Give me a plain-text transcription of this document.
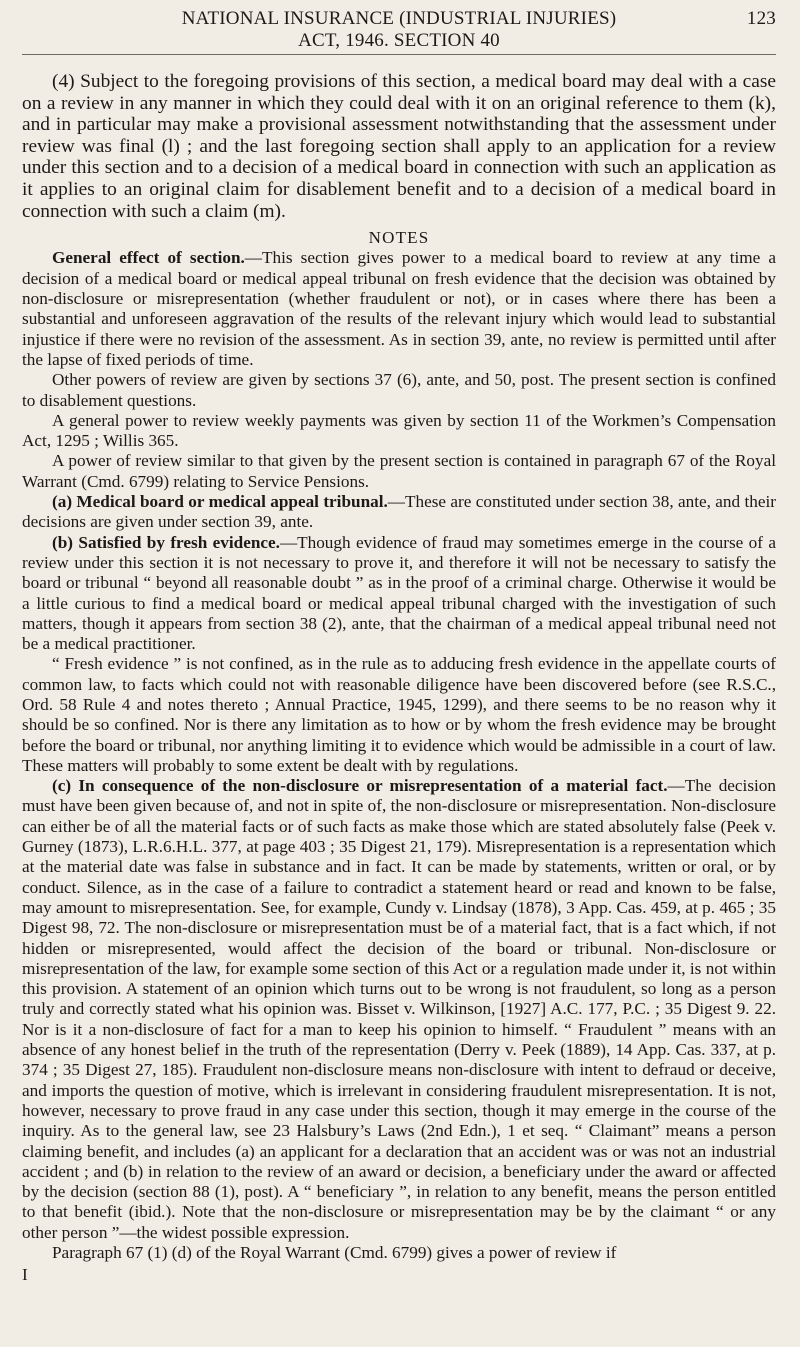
NATIONAL INSURANCE (INDUSTRIAL INJURIES)
ACT, 1946. SECTION 40
123

(4) Subject to the foregoing provisions of this section, a medical board may deal with a case on a review in any manner in which they could deal with it on an original reference to them (k), and in particular may make a provisional assessment notwithstanding that the assessment under review was final (l) ; and the last foregoing section shall apply to an application for a review under this section and to a decision of a medical board in connection with such an application as it applies to an original claim for disablement benefit and to a decision of a medical board in connection with such a claim (m).

NOTES

General effect of section.—This section gives power to a medical board to review at any time a decision of a medical board or medical appeal tribunal on fresh evidence that the decision was obtained by non-disclosure or misrepresentation (whether fraudulent or not), or in cases where there has been a substantial and unforeseen aggravation of the results of the relevant injury which would lead to substantial injustice if there were no revision of the assessment. As in section 39, ante, no review is permitted until after the lapse of fixed periods of time.

Other powers of review are given by sections 37 (6), ante, and 50, post. The present section is confined to disablement questions.

A general power to review weekly payments was given by section 11 of the Workmen’s Compensation Act, 1295 ; Willis 365.

A power of review similar to that given by the present section is contained in paragraph 67 of the Royal Warrant (Cmd. 6799) relating to Service Pensions.

(a) Medical board or medical appeal tribunal.—These are constituted under section 38, ante, and their decisions are given under section 39, ante.

(b) Satisfied by fresh evidence.—Though evidence of fraud may sometimes emerge in the course of a review under this section it is not necessary to prove it, and therefore it will not be necessary to satisfy the board or tribunal “ beyond all reasonable doubt ” as in the proof of a criminal charge. Otherwise it would be a little curious to find a medical board or medical appeal tribunal charged with the investigation of such matters, though it appears from section 38 (2), ante, that the chairman of a medical appeal tribunal need not be a medical practitioner.

“ Fresh evidence ” is not confined, as in the rule as to adducing fresh evidence in the appellate courts of common law, to facts which could not with reasonable diligence have been discovered before (see R.S.C., Ord. 58 Rule 4 and notes thereto ; Annual Practice, 1945, 1299), and there seems to be no reason why it should be so confined. Nor is there any limitation as to how or by whom the fresh evidence may be brought before the board or tribunal, nor anything limiting it to evidence which would be admissible in a court of law. These matters will probably to some extent be dealt with by regulations.

(c) In consequence of the non-disclosure or misrepresentation of a material fact.—The decision must have been given because of, and not in spite of, the non-disclosure or misrepresentation. Non-disclosure can either be of all the material facts or of such facts as make those which are stated absolutely false (Peek v. Gurney (1873), L.R.6.H.L. 377, at page 403 ; 35 Digest 21, 179). Misrepresentation is a representation which at the material date was false in substance and in fact. It can be made by statements, written or oral, or by conduct. Silence, as in the case of a failure to contradict a statement heard or read and known to be false, may amount to misrepresentation. See, for example, Cundy v. Lindsay (1878), 3 App. Cas. 459, at p. 465 ; 35 Digest 98, 72. The non-disclosure or misrepresentation must be of a material fact, that is a fact which, if not hidden or misrepresented, would affect the decision of the board or tribunal. Non-disclosure or misrepresentation of the law, for example some section of this Act or a regulation made under it, is not within this provision. A statement of an opinion which turns out to be wrong is not fraudulent, so long as a person truly and correctly stated what his opinion was. Bisset v. Wilkinson, [1927] A.C. 177, P.C. ; 35 Digest 9. 22. Nor is it a non-disclosure of fact for a man to keep his opinion to himself. “ Fraudulent ” means with an absence of any honest belief in the truth of the representation (Derry v. Peek (1889), 14 App. Cas. 337, at p. 374 ; 35 Digest 27, 185). Fraudulent non-disclosure means non-disclosure with intent to defraud or deceive, and imports the question of motive, which is irrelevant in considering fraudulent misrepresentation. It is not, however, necessary to prove fraud in any case under this section, though it may emerge in the course of the inquiry. As to the general law, see 23 Halsbury’s Laws (2nd Edn.), 1 et seq. “ Claimant” means a person claiming benefit, and includes (a) an applicant for a declaration that an accident was or was not an industrial accident ; and (b) in relation to the review of an award or decision, a beneficiary under the award or affected by the decision (section 88 (1), post). A “ beneficiary ”, in relation to any benefit, means the person entitled to that benefit (ibid.). Note that the non-disclosure or misrepresentation may be by the claimant “ or any other person ”—the widest possible expression.

Paragraph 67 (1) (d) of the Royal Warrant (Cmd. 6799) gives a power of review if

I
